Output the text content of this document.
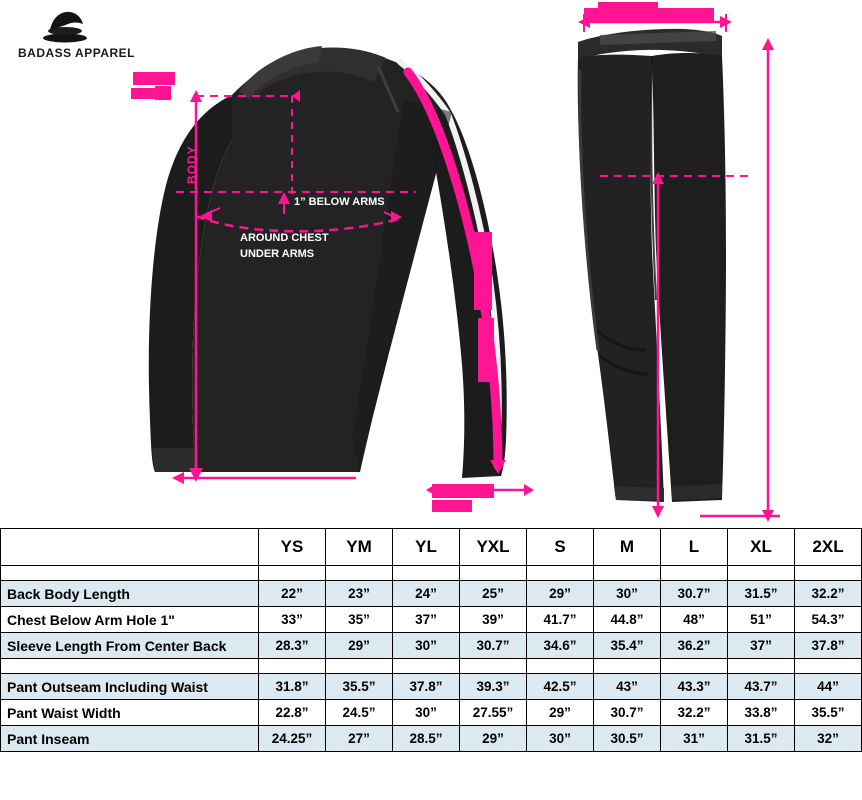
BADASS APPAREL
BODY
1” BELOW ARMS
AROUND CHEST
UNDER ARMS
	YS	YM	YL	YXL	S	M	L	XL	2XL

Back Body Length	22”	23”	24”	25”	29”	30”	30.7”	31.5”	32.2”
Chest Below Arm Hole 1"	33”	35”	37”	39”	41.7”	44.8”	48”	51”	54.3”
Sleeve Length From Center Back	28.3”	29”	30”	30.7”	34.6”	35.4”	36.2”	37”	37.8”

Pant Outseam Including Waist	31.8”	35.5”	37.8”	39.3”	42.5”	43”	43.3”	43.7”	44”
Pant Waist Width	22.8”	24.5”	30”	27.55”	29”	30.7”	32.2”	33.8”	35.5”
Pant Inseam	24.25”	27”	28.5”	29”	30”	30.5”	31”	31.5”	32”
